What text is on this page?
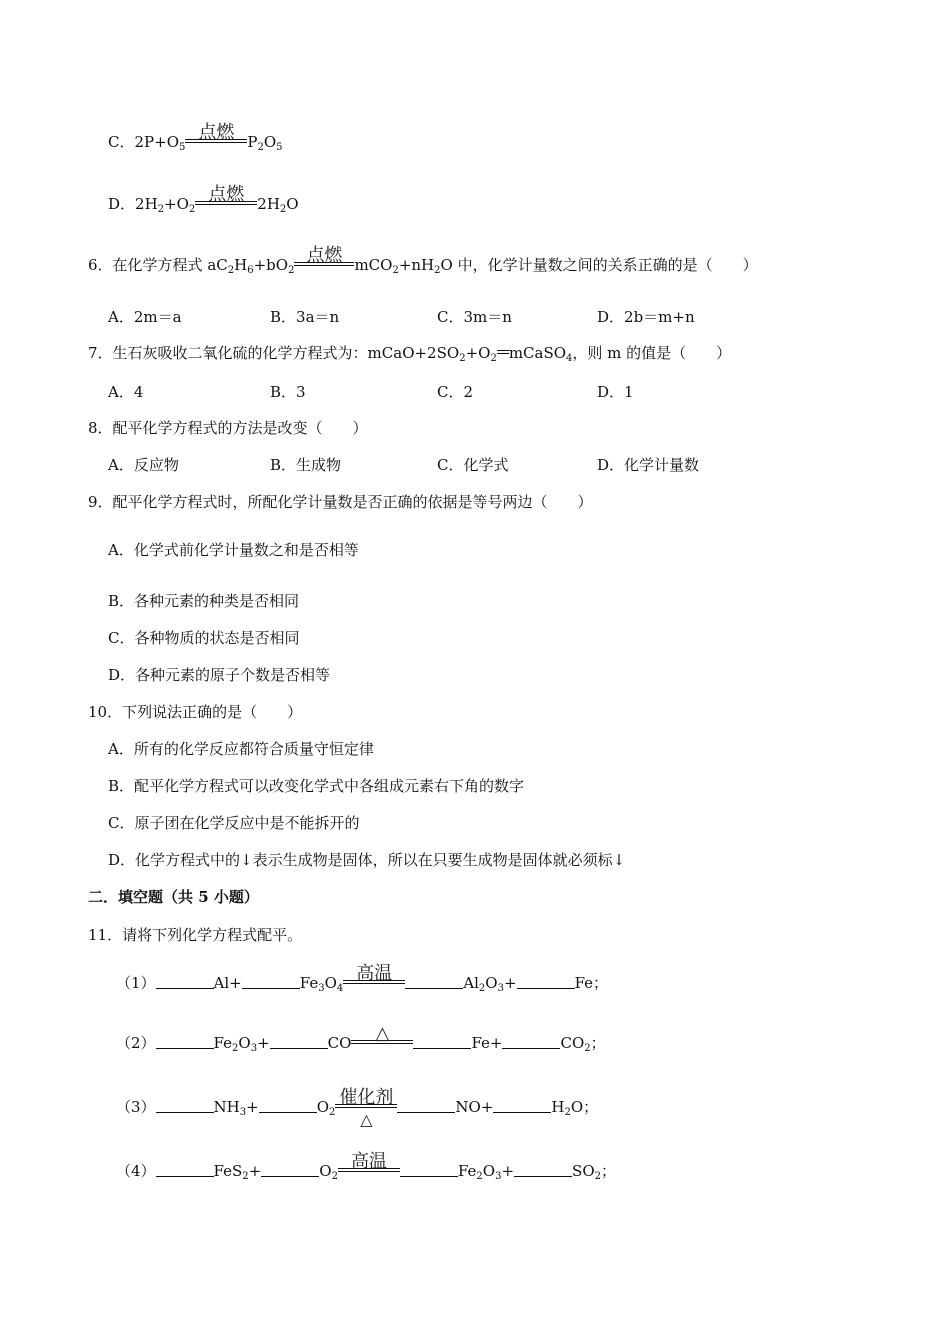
C．$2P+O_5$
点燃 $P_2O_5$
D．$2H_2+O_2$
点燃 $2H_2O$
6．在化学方程式 $aC_2H_6+bO_2$
点燃 $mCO_2+nH_2O$ 中，化学计量数之间的关系正确的是（　　）
A．2m＝a	B．3a＝n	C．3m＝n	D．2b＝m+n
7．生石灰吸收二氧化硫的化学方程式为：$mCaO+2SO_2+O_2$ mCaSO$_4$，则 m 的值是（　　）
A．4	B．3	C．2	D．1
8．配平化学方程式的方法是改变（　　）
A．反应物	B．生成物	C．化学式	D．化学计量数
9．配平化学方程式时，所配化学计量数是否正确的依据是等号两边（　　）
A．化学式前化学计量数之和是否相等
B．各种元素的种类是否相同
C．各种物质的状态是否相同
D．各种元素的原子个数是否相等
10．下列说法正确的是（　　）
A．所有的化学反应都符合质量守恒定律
B．配平化学方程式可以改变化学式中各组成元素右下角的数字
C．原子团在化学反应中是不能拆开的
D．化学方程式中的↓表示生成物是固体，所以在只要生成物是固体就必须标↓
二．填空题（共 5 小题）
11．请将下列化学方程式配平。
（1）	Al+	$Fe_3O_4$
高温	$Al_2O_3+$	Fe；
（2）	$Fe_2O_3+$	CO	△	Fe+	$CO_2$；
（3）	$NH_3+$	$O_2$
催化剂
△
NO+	$H_2O$；
（4）	FeS$_2$+	$O_2$
高温	$Fe_2O_3+$	$SO_2$；
